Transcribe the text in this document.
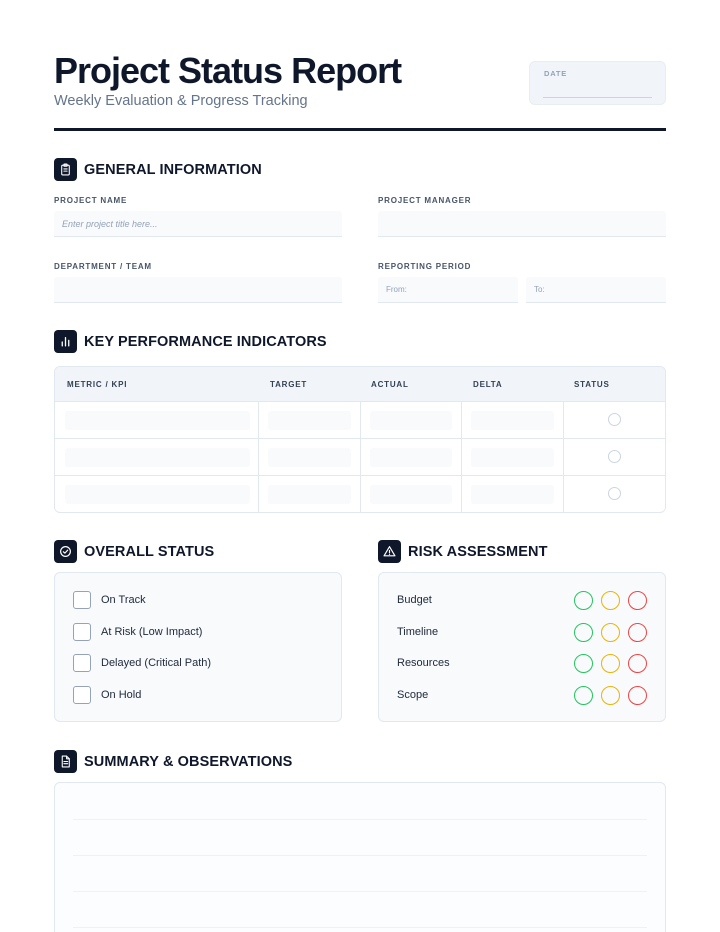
Project Status Report
Weekly Evaluation & Progress Tracking
DATE
GENERAL INFORMATION
PROJECT NAME
Enter project title here...
PROJECT MANAGER
DEPARTMENT / TEAM	REPORTING PERIOD
From:	To:
KEY PERFORMANCE INDICATORS
METRIC / KPI	TARGET	ACTUAL	DELTA	STATUS
OVERALL STATUS
On Track
At Risk (Low Impact)
Delayed (Critical Path)
On Hold
RISK ASSESSMENT
Budget
Timeline
Resources
Scope
SUMMARY & OBSERVATIONS
